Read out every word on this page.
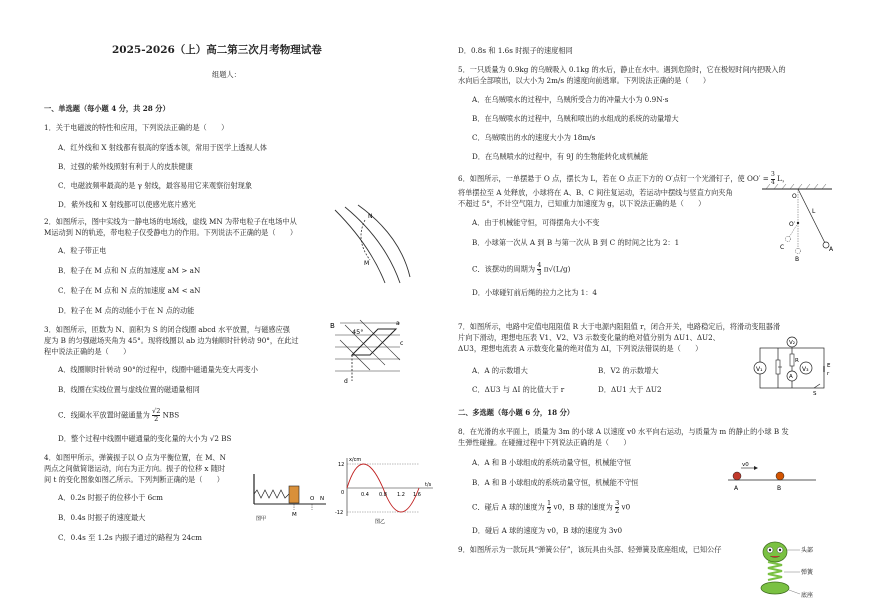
2025-2026（上）高二第三次月考物理试卷
组题人：
一、单选题（每小题 4 分，共 28 分）
1．关于电磁波的特性和应用，下列说法正确的是（　　）
A．红外线和 X 射线都有很高的穿透本领，常用于医学上透视人体
B．过强的紫外线照射有利于人的皮肤健康
C．电磁波频率最高的是 γ 射线，最容易用它来观察衍射现象
D．紫外线和 X 射线都可以使感光底片感光
2．如图所示，图中实线为一静电场的电场线，虚线 MN 为带电粒子在电场中从
M运动到 N的轨迹，带电粒子仅受静电力的作用。下列说法不正确的是（　　）
A．粒子带正电
B．粒子在 M 点和 N 点的加速度 aM > aN
C．粒子在 M 点和 N 点的加速度 aM < aN
D．粒子在 M 点的动能小于在 N 点的动能
N
M
3．如图所示，匝数为 N、面积为 S 的闭合线圈 abcd 水平放置，与磁感应强
度为 B 的匀强磁场夹角为 45°。现将线圈以 ab 边为轴顺时针转动 90°，在此过
程中说法正确的是（　　）
A．线圈顺时针转动 90°的过程中，线圈中磁通量先变大再变小
B．线圈在实线位置与虚线位置的磁通量相同
C．线圈水平放置时磁通量为 $\frac{√2}{2}$ NBS
D．整个过程中线圈中磁通量的变化量的大小为 √2 BS
B
45°
a
c
d
4．如图甲所示，弹簧振子以 O 点为平衡位置，在 M、N
两点之间做简谐运动，向右为正方向。振子的位移 x 随时
间 t 的变化图象如图乙所示。下列判断正确的是（　　）
A．0.2s 时振子的位移小于 6cm
B．0.4s 时振子的速度最大
C．0.4s 至 1.2s 内振子通过的路程为 24cm
M
O N
图甲
x/cm
12
-12
0	0.4 0.8 1.2 1.6
t/s
图乙
D．0.8s 和 1.6s 时振子的速度相同
5．一只质量为 0.9kg 的乌贼吸入 0.1kg 的水后，静止在水中。遇到危险时，它在极短时间内把吸入的
水向后全部喷出，以大小为 2m/s 的速度向前逃窜。下列说法正确的是（　　）
A．在乌贼喷水的过程中，乌贼所受合力的冲量大小为 0.9N·s
B．在乌贼喷水的过程中，乌贼和喷出的水组成的系统的动量增大
C．乌贼喷出的水的速度大小为 18m/s
D．在乌贼喷水的过程中，有 9J 的生物能转化成机械能
6．如图所示，一单摆悬于 O 点，摆长为 L，若在 O 点正下方的 O′点钉一个光滑钉子，使 $OO' = \frac{3}{4}$ L，
将单摆拉至 A 处释放，小球将在 A、B、C 间往复运动，若运动中摆线与竖直方向夹角
不超过 5°，不计空气阻力，已知重力加速度为 g，以下说法正确的是（　　）
A．由于机械能守恒，可得摆角大小不变
B．小球第一次从 A 到 B 与第一次从 B 到 C 的时间之比为 2：1
C．该摆动的周期为 $\frac{4}{3} \pi√(L/g)$
D．小球碰钉前后绳的拉力之比为 1：4
O
O′
L
A
B
C
7．如图所示，电路中定值电阻阻值 R 大于电源内阻阻值 r，闭合开关，电路稳定后，将滑动变阻器滑
片向下滑动，理想电压表 V1、V2、V3 示数变化量的绝对值分别为 ΔU1、ΔU2、
ΔU3，理想电流表 A 示数变化量的绝对值为 ΔI，下列说法错误的是（　　）
A．A 的示数增大	B．V2 的示数增大
C．ΔU3 与 ΔI 的比值大于 r	D．ΔU1 大于 ΔU2
V₁	V₃
V₂
A
R
E
r
S
二、多选题（每小题 6 分，18 分）
8．在光滑的水平面上，质量为 3m 的小球 A 以速度 v0 水平向右运动，与质量为 m 的静止的小球 B 发
生弹性碰撞。在碰撞过程中下列说法正确的是（　　）
A．A 和 B 小球组成的系统动量守恒，机械能守恒
B．A 和 B 小球组成的系统动量守恒，机械能不守恒
C．碰后 A 球的速度为 $\frac{1}{2} v0$，B 球的速度为 $\frac{3}{2} v0$
D．碰后 A 球的速度为 v0，B 球的速度为 3v0
v0
A	B
9．如图所示为一款玩具“弹簧公仔”，该玩具由头部、轻弹簧及底座组成，已知公仔	头部
弹簧
底座
